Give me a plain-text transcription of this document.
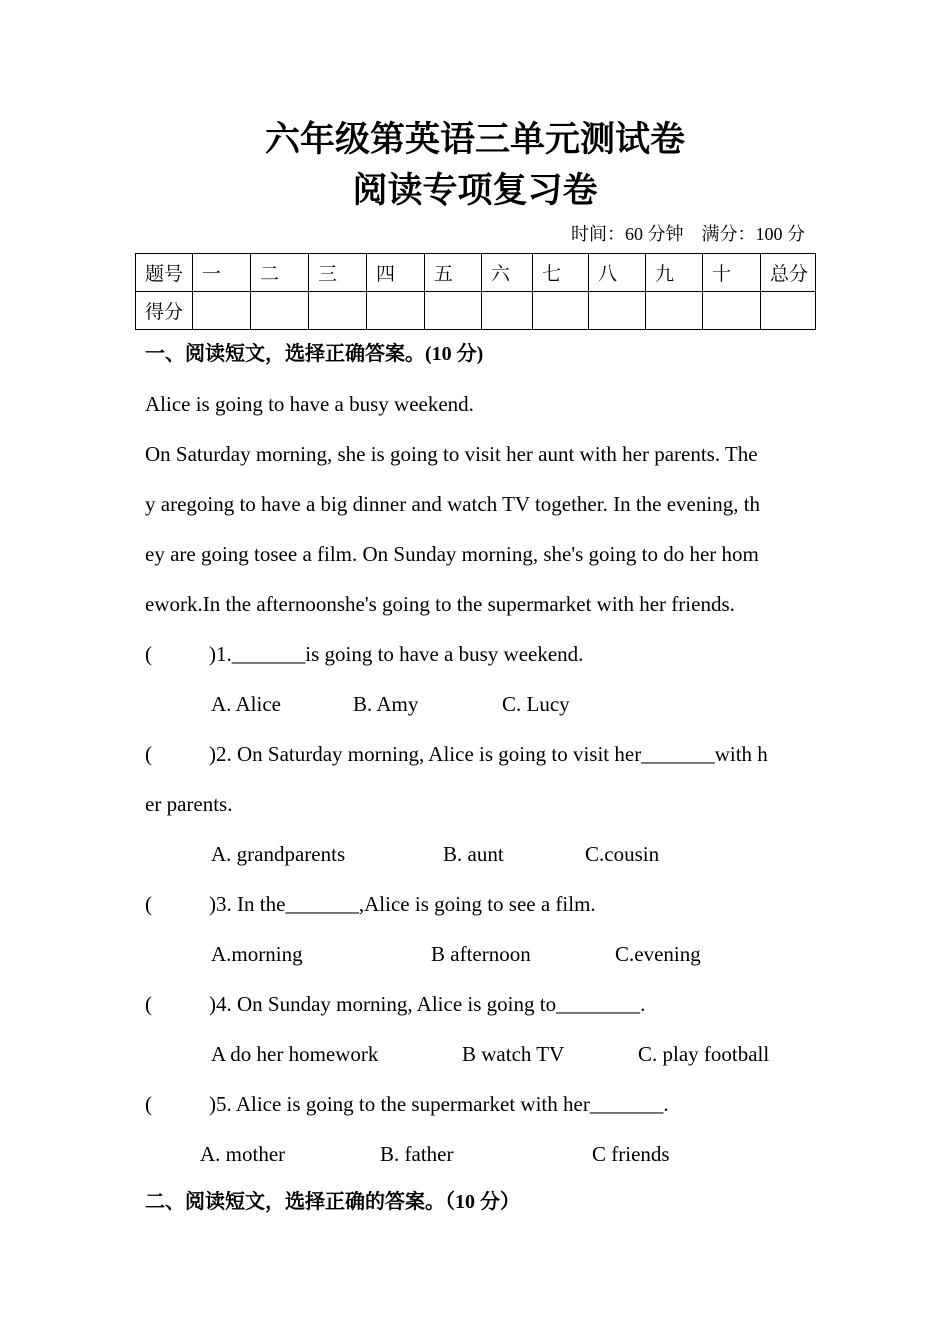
六年级第英语三单元测试卷
阅读专项复习卷
时间：60 分钟 满分：100 分
题号	一	二	三	四	五	六	七	八	九	十	总分
得分											
一、阅读短文，选择正确答案。(10 分)
Alice is going to have a busy weekend.
On Saturday morning, she is going to visit her aunt with her parents. The
y aregoing to have a big dinner and watch TV together. In the evening, th
ey are going tosee a film. On Sunday morning, she's going to do her hom
ework.In the afternoonshe's going to the supermarket with her friends.
(	)1._______is going to have a busy weekend.
A. Alice	B. Amy	C. Lucy
(	)2. On Saturday morning, Alice is going to visit her_______with h
er parents.
A. grandparents	B. aunt	C.cousin
(	)3. In the_______,Alice is going to see a film.
A.morning	B afternoon	C.evening
(	)4. On Sunday morning, Alice is going to________.
A do her homework	B watch TV	C. play football
(	)5. Alice is going to the supermarket with her_______.
A. mother	B. father	C friends
二、阅读短文，选择正确的答案。（10 分）
